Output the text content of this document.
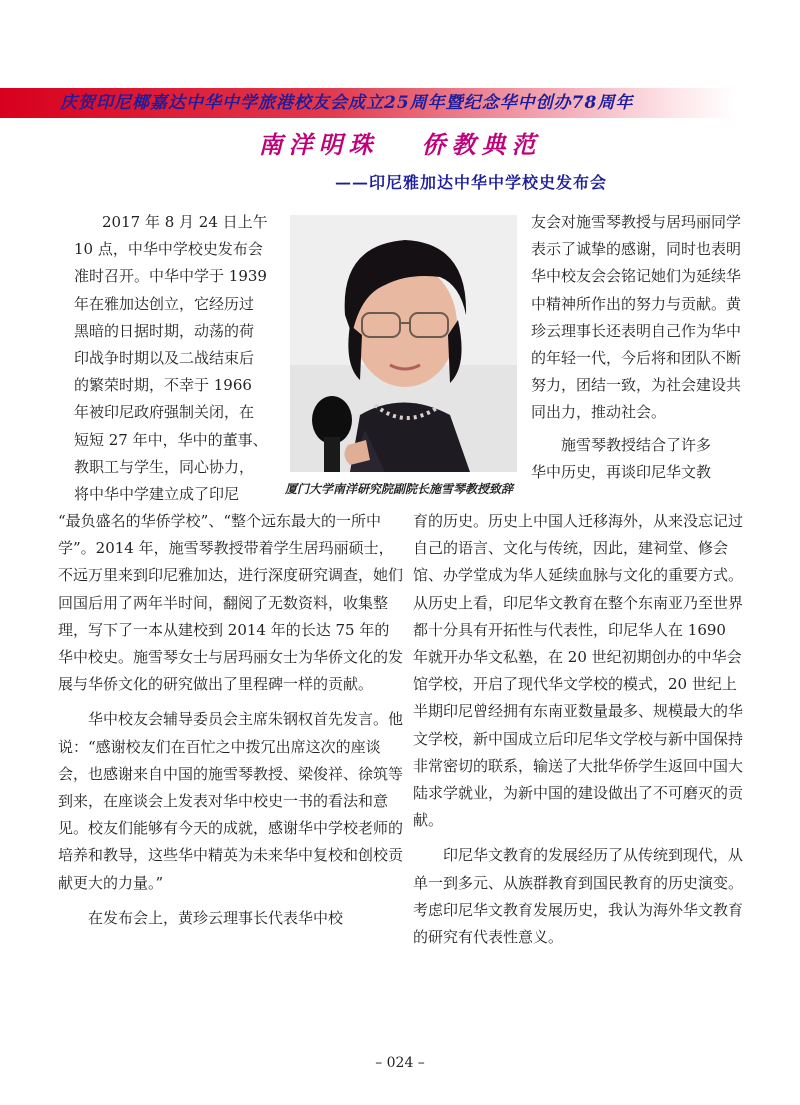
庆贺印尼椰嘉达中华中学旅港校友会成立25周年暨纪念华中创办78周年
南洋明珠 侨教典范
——印尼雅加达中华中学校史发布会
2017 年 8 月 24 日上午
10 点，中华中学校史发布会
准时召开。中华中学于 1939
年在雅加达创立，它经历过
黑暗的日据时期，动荡的荷
印战争时期以及二战结束后
的繁荣时期，不幸于 1966
年被印尼政府强制关闭，在
短短 27 年中，华中的董事、
教职工与学生，同心协力，
将中华中学建立成了印尼

“最负盛名的华侨学校”、“整个远东最大的一所中学”。2014 年，施雪琴教授带着学生居玛丽硕士，不远万里来到印尼雅加达，进行深度研究调查，她们回国后用了两年半时间，翻阅了无数资料，收集整理，写下了一本从建校到 2014 年的长达 75 年的华中校史。施雪琴女士与居玛丽女士为华侨文化的发展与华侨文化的研究做出了里程碑一样的贡献。

华中校友会辅导委员会主席朱钢权首先发言。他说：“感谢校友们在百忙之中拨冗出席这次的座谈会，也感谢来自中国的施雪琴教授、梁俊祥、徐筑等到来，在座谈会上发表对华中校史一书的看法和意见。校友们能够有今天的成就，感谢华中学校老师的培养和教导，这些华中精英为未来华中复校和创校贡献更大的力量。”

在发布会上，黄珍云理事长代表华中校

厦门大学南洋研究院副院长施雪琴教授致辞

友会对施雪琴教授与居玛丽同学表示了诚挚的感谢，同时也表明华中校友会会铭记她们为延续华中精神所作出的努力与贡献。黄珍云理事长还表明自己作为华中的年轻一代，今后将和团队不断努力，团结一致，为社会建设共同出力，推动社会。

施雪琴教授结合了许多

华中历史，再谈印尼华文教

育的历史。历史上中国人迁移海外，从来没忘记过自己的语言、文化与传统，因此，建祠堂、修会馆、办学堂成为华人延续血脉与文化的重要方式。从历史上看，印尼华文教育在整个东南亚乃至世界都十分具有开拓性与代表性，印尼华人在 1690 年就开办华文私塾，在 20 世纪初期创办的中华会馆学校，开启了现代华文学校的模式，20 世纪上半期印尼曾经拥有东南亚数量最多、规模最大的华文学校，新中国成立后印尼华文学校与新中国保持非常密切的联系，输送了大批华侨学生返回中国大陆求学就业，为新中国的建设做出了不可磨灭的贡献。

印尼华文教育的发展经历了从传统到现代，从单一到多元、从族群教育到国民教育的历史演变。考虑印尼华文教育发展历史，我认为海外华文教育的研究有代表性意义。

– 024 –
